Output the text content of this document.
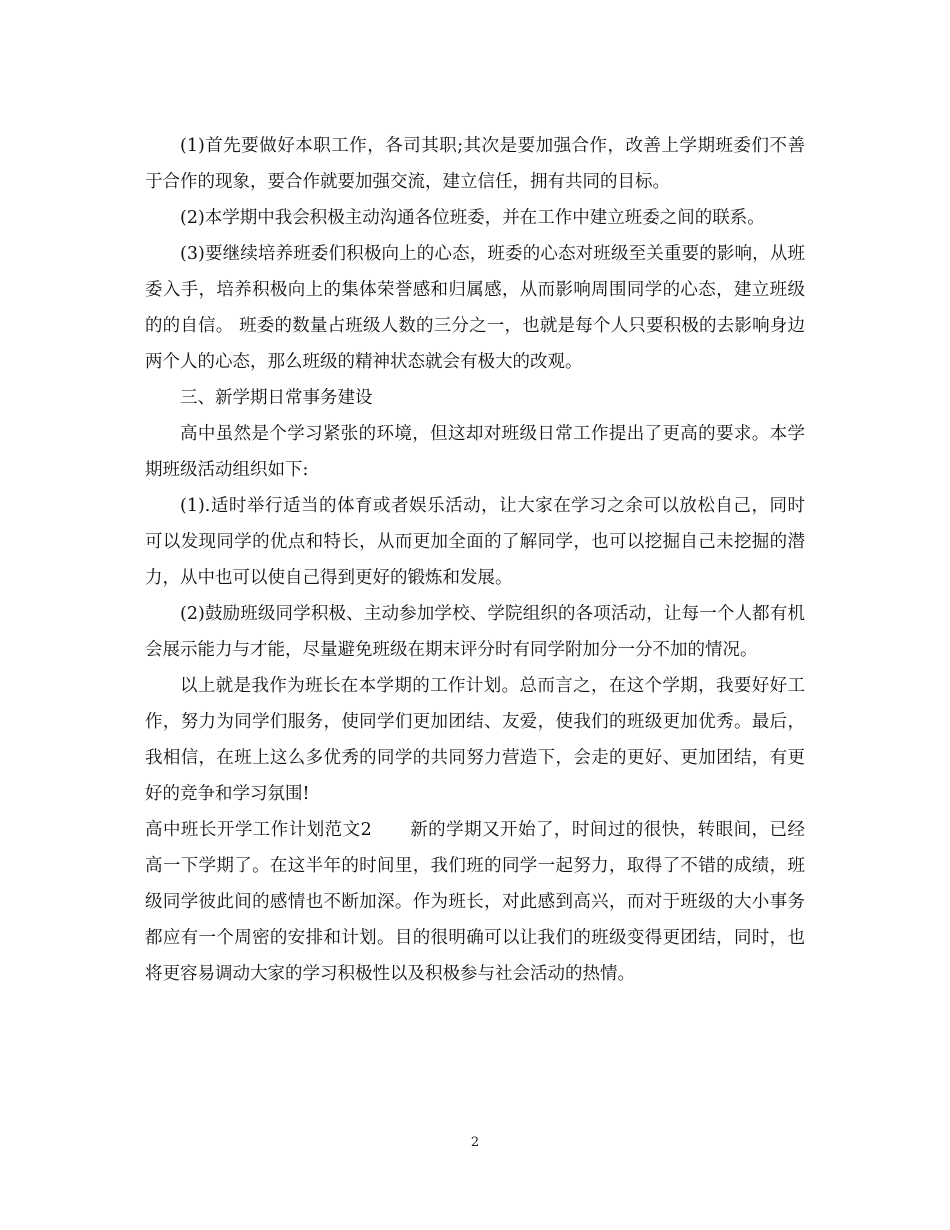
(1)首先要做好本职工作，各司其职;其次是要加强合作，改善上学期班委们不善于合作的现象，要合作就要加强交流，建立信任，拥有共同的目标。

(2)本学期中我会积极主动沟通各位班委，并在工作中建立班委之间的联系。

(3)要继续培养班委们积极向上的心态，班委的心态对班级至关重要的影响，从班委入手，培养积极向上的集体荣誉感和归属感，从而影响周围同学的心态，建立班级的的自信。 班委的数量占班级人数的三分之一，也就是每个人只要积极的去影响身边两个人的心态，那么班级的精神状态就会有极大的改观。

三、新学期日常事务建设

高中虽然是个学习紧张的环境，但这却对班级日常工作提出了更高的要求。本学期班级活动组织如下:

(1).适时举行适当的体育或者娱乐活动，让大家在学习之余可以放松自己，同时可以发现同学的优点和特长，从而更加全面的了解同学，也可以挖掘自己未挖掘的潜力，从中也可以使自己得到更好的锻炼和发展。

(2)鼓励班级同学积极、主动参加学校、学院组织的各项活动，让每一个人都有机会展示能力与才能，尽量避免班级在期末评分时有同学附加分一分不加的情况。

以上就是我作为班长在本学期的工作计划。总而言之，在这个学期，我要好好工作，努力为同学们服务，使同学们更加团结、友爱，使我们的班级更加优秀。最后，我相信，在班上这么多优秀的同学的共同努力营造下，会走的更好、更加团结，有更好的竞争和学习氛围!

高中班长开学工作计划范文2 新的学期又开始了，时间过的很快，转眼间，已经高一下学期了。在这半年的时间里，我们班的同学一起努力，取得了不错的成绩，班级同学彼此间的感情也不断加深。作为班长，对此感到高兴，而对于班级的大小事务都应有一个周密的安排和计划。目的很明确可以让我们的班级变得更团结，同时，也将更容易调动大家的学习积极性以及积极参与社会活动的热情。

2
